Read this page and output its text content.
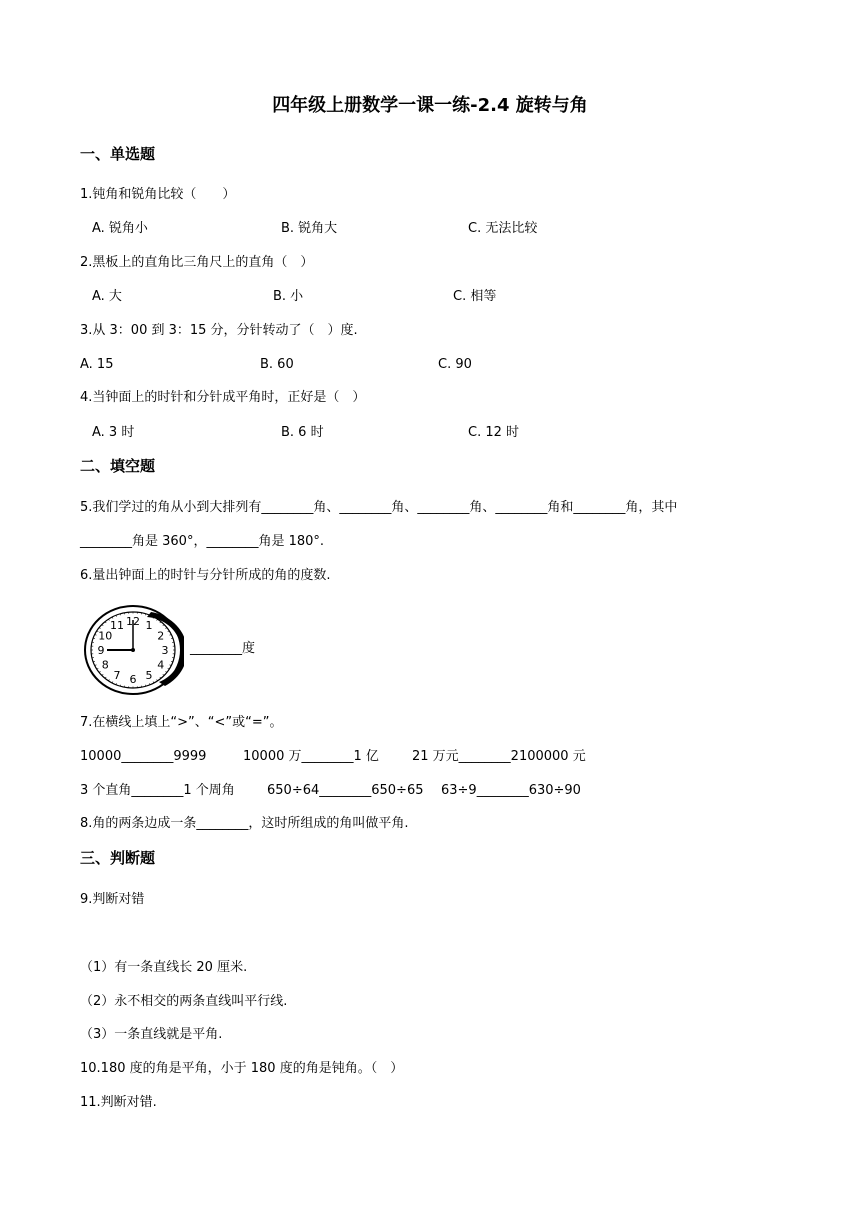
四年级上册数学一课一练-2.4 旋转与角
一、单选题
1.钝角和锐角比较（　　）
A. 锐角小	B. 锐角大	C. 无法比较
2.黑板上的直角比三角尺上的直角（　）
A. 大	B. 小	C. 相等
3.从 3：00 到 3：15 分，分针转动了（　）度.
A. 15	B. 60	C. 90
4.当钟面上的时针和分针成平角时，正好是（　）
A. 3 时	B. 6 时	C. 12 时
二、填空题
5.我们学过的角从小到大排列有________角、________角、________角、________角和________角，其中
________角是 360°，________角是 180°.
6.量出钟面上的时针与分针所成的角的度数.
12 1
2
3
4
5
6
7
8
9
10
11
________度
7.在横线上填上“>”、“<”或“=”。
10000________9999	10000 万________1 亿	21 万元________2100000 元
3 个直角________1 个周角 650÷64________650÷65 63÷9________630÷90
8.角的两条边成一条________，这时所组成的角叫做平角.
三、判断题
9.判断对错
（1）有一条直线长 20 厘米.
（2）永不相交的两条直线叫平行线.
（3）一条直线就是平角.
10.180 度的角是平角，小于 180 度的角是钝角。（　）
11.判断对错.
